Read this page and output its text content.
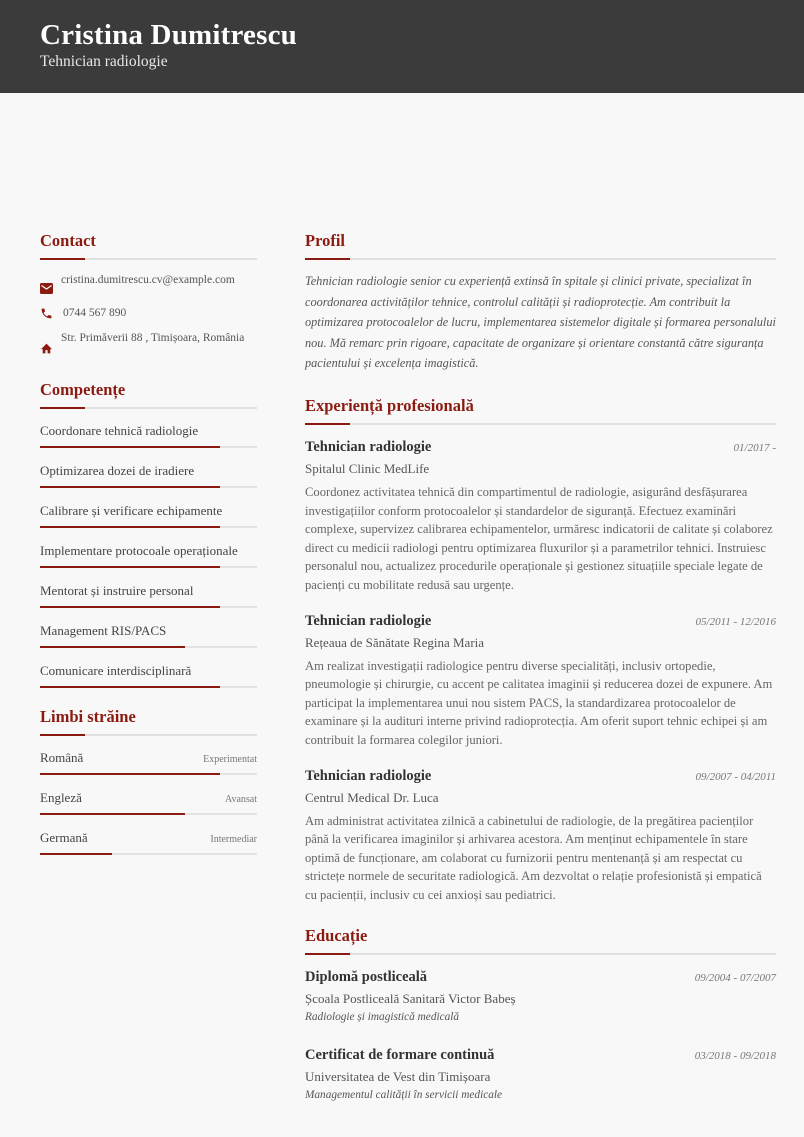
Cristina Dumitrescu
Tehnician radiologie
Contact
cristina.dumitrescu.cv@example.com
0744 567 890
Str. Primăverii 88 , Timișoara, România
Competențe
Coordonare tehnică radiologie
Optimizarea dozei de iradiere
Calibrare și verificare echipamente
Implementare protocoale operaționale
Mentorat și instruire personal
Management RIS/PACS
Comunicare interdisciplinară
Limbi străine
Română	Experimentat
Engleză	Avansat
Germană	Intermediar
Profil

Tehnician radiologie senior cu experiență extinsă în spitale și clinici private, specializat în coordonarea activităților tehnice, controlul calității și radioprotecție. Am contribuit la optimizarea protocoalelor de lucru, implementarea sistemelor digitale și formarea personalului nou. Mă remarc prin rigoare, capacitate de organizare și orientare constantă către siguranța pacientului și excelența imagistică.

Experiență profesională
Tehnician radiologie	01/2017 -
Spitalul Clinic MedLife
Coordonez activitatea tehnică din compartimentul de radiologie, asigurând desfășurarea investigațiilor conform protocoalelor și standardelor de siguranță. Efectuez examinări complexe, supervizez calibrarea echipamentelor, urmăresc indicatorii de calitate și colaborez direct cu medicii radiologi pentru optimizarea fluxurilor și a parametrilor tehnici. Instruiesc personalul nou, actualizez procedurile operaționale și gestionez situațiile speciale legate de pacienți cu mobilitate redusă sau urgențe.
Tehnician radiologie	05/2011 - 12/2016
Rețeaua de Sănătate Regina Maria
Am realizat investigații radiologice pentru diverse specialități, inclusiv ortopedie, pneumologie și chirurgie, cu accent pe calitatea imaginii și reducerea dozei de expunere. Am participat la implementarea unui nou sistem PACS, la standardizarea protocoalelor de examinare și la audituri interne privind radioprotecția. Am oferit suport tehnic echipei și am contribuit la formarea colegilor juniori.
Tehnician radiologie	09/2007 - 04/2011
Centrul Medical Dr. Luca
Am administrat activitatea zilnică a cabinetului de radiologie, de la pregătirea pacienților până la verificarea imaginilor și arhivarea acestora. Am menținut echipamentele în stare optimă de funcționare, am colaborat cu furnizorii pentru mentenanță și am respectat cu strictețe normele de securitate radiologică. Am dezvoltat o relație profesionistă și empatică cu pacienții, inclusiv cu cei anxioși sau pediatrici.
Educație
Diplomă postliceală	09/2004 - 07/2007
Școala Postliceală Sanitară Victor Babeș
Radiologie și imagistică medicală
Certificat de formare continuă	03/2018 - 09/2018
Universitatea de Vest din Timișoara
Managementul calității în servicii medicale
